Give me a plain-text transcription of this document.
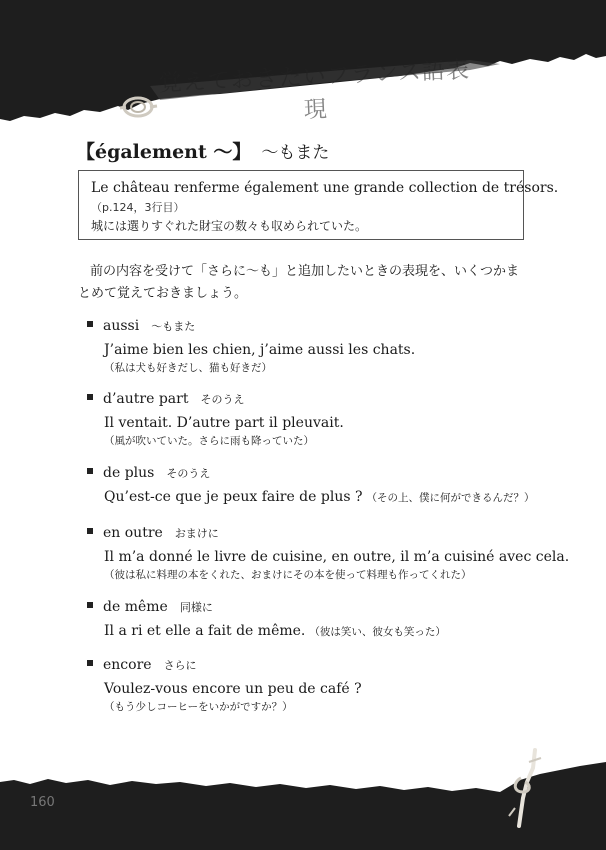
覚えておきたいフランス語表現
【également ～】 ～もまた
Le château renferme également une grande collection de trésors.
（p.124，3行目）
城には選りすぐれた財宝の数々も収められていた。
前の内容を受けて「さらに〜も」と追加したいときの表現を、いくつかまとめて覚えておきましょう。
aussi 〜もまた
J’aime bien les chien, j’aime aussi les chats.
（私は犬も好きだし、猫も好きだ）
d’autre part そのうえ
Il ventait. D’autre part il pleuvait.
（風が吹いていた。さらに雨も降っていた）
de plus そのうえ
Qu’est-ce que je peux faire de plus ? （その上、僕に何ができるんだ？）
en outre おまけに
Il m’a donné le livre de cuisine, en outre, il m’a cuisiné avec cela.
（彼は私に料理の本をくれた、おまけにその本を使って料理も作ってくれた）
de même 同様に
Il a ri et elle a fait de même. （彼は笑い、彼女も笑った）
encore さらに
Voulez-vous encore un peu de café ?
（もう少しコーヒーをいかがですか？）
160
